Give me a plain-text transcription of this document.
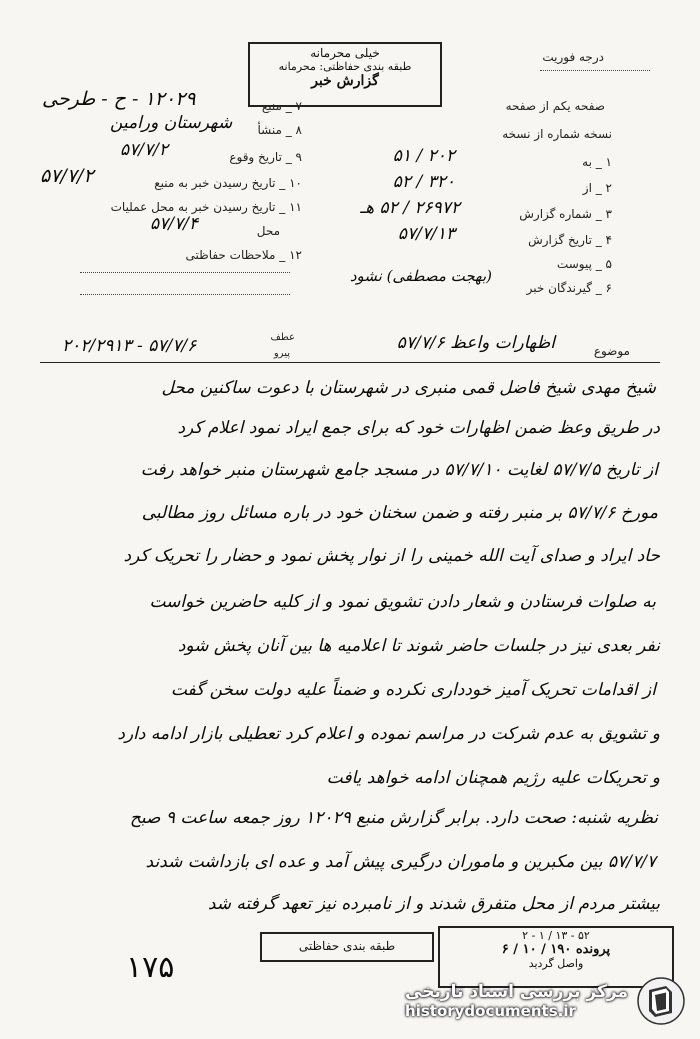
خیلی محرمانه
طبقه بندی حفاظتی: محرمانه
گزارش خبر
درجه فوریت
صفحه یکم از صفحه
نسخه شماره از نسخه
۱ _ به
۲ _ از
۳ _ شماره گزارش
۴ _ تاریخ گزارش
۵ _ پیوست
۶ _ گیرندگان خبر
۲۰۲ / ۵۱
۳۲۰ / ۵۲
۲۶۹۷۲ / ۵۲ هـ
۵۷/۷/۱۳
(بهجت مصطفی) نشود
۷ _ منبع
۸ _ منشأ
۹ _ تاریخ وقوع
۱۰ _ تاریخ رسیدن خبر به منبع
۱۱ _ تاریخ رسیدن خبر به محل عملیات
محل
۱۲ _ ملاحظات حفاظتی
۱۲۰۲۹ - ح - طرحی
شهرستان ورامین
۵۷/۷/۲
۵۷/۷/۲
۵۷/۷/۴
موضوع
اظهارات واعظ ۵۷/۷/۶
عطف
پیرو
۵۷/۷/۶ - ۲۰۲/۲۹۱۳
شیخ مهدی شیخ فاضل قمی منبری در شهرستان با دعوت ساکنین محل
در طریق وعظ ضمن اظهارات خود که برای جمع ایراد نمود اعلام کرد
از تاریخ ۵۷/۷/۵ لغایت ۵۷/۷/۱۰ در مسجد جامع شهرستان منبر خواهد رفت
مورخ ۵۷/۷/۶ بر منبر رفته و ضمن سخنان خود در باره مسائل روز مطالبی
حاد ایراد و صدای آیت الله خمینی را از نوار پخش نمود و حضار را تحریک کرد
به صلوات فرستادن و شعار دادن تشویق نمود و از کلیه حاضرین خواست
نفر بعدی نیز در جلسات حاضر شوند تا اعلامیه ها بین آنان پخش شود
از اقدامات تحریک آمیز خودداری نکرده و ضمناً علیه دولت سخن گفت
و تشویق به عدم شرکت در مراسم نموده و اعلام کرد تعطیلی بازار ادامه دارد
و تحریکات علیه رژیم همچنان ادامه خواهد یافت
نظریه شنبه: صحت دارد. برابر گزارش منبع ۱۲۰۲۹ روز جمعه ساعت ۹ صبح
۵۷/۷/۷ بین مکبرین و ماموران درگیری پیش آمد و عده ای بازداشت شدند
بیشتر مردم از محل متفرق شدند و از نامبرده نیز تعهد گرفته شد
طبقه بندی حفاظتی
۵۲ - ۱۳ / ۱ - ۲
پرونده ۱۹۰ / ۱۰ / ۶
واصل گردید
۱۷۵
مرکز بررسی اسناد تاریخی
historydocuments.ir
